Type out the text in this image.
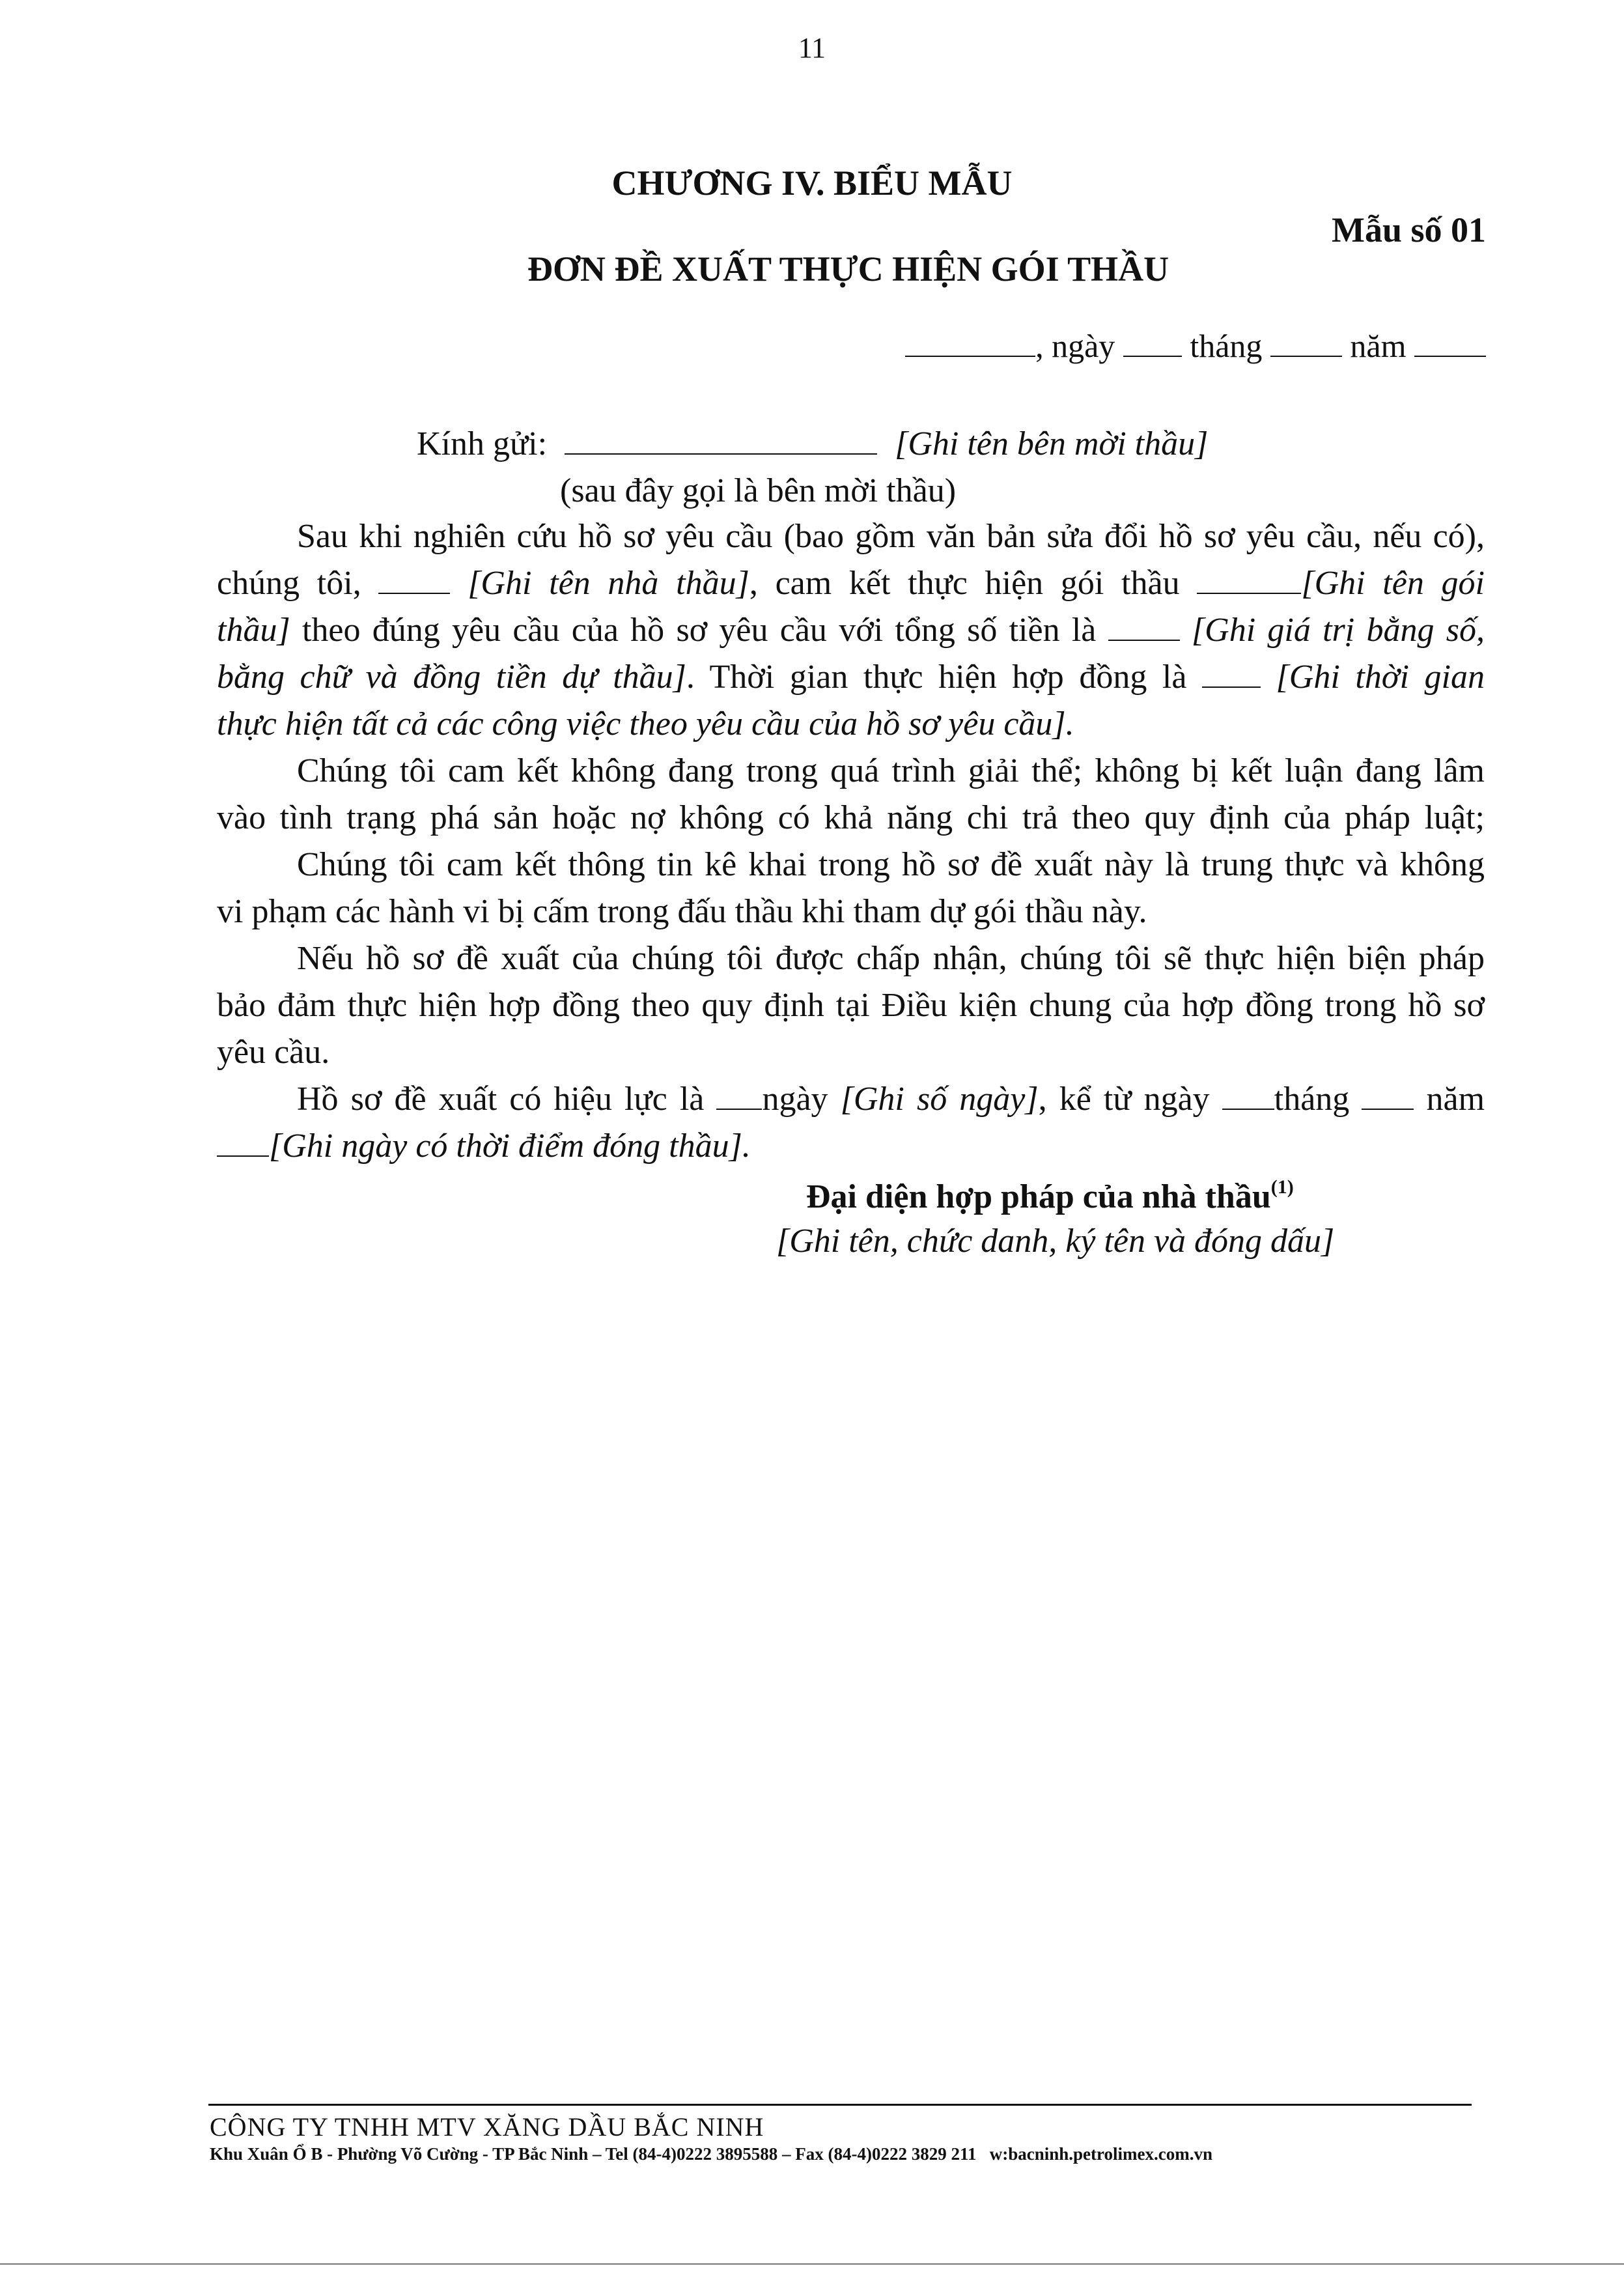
11
CHƯƠNG IV. BIỂU MẪU
Mẫu số 01
ĐƠN ĐỀ XUẤT THỰC HIỆN GÓI THẦU
, ngày tháng	năm
Kính gửi:	[Ghi tên bên mời thầu]
(sau đây gọi là bên mời thầu)
Sau khi nghiên cứu hồ sơ yêu cầu (bao gồm văn bản sửa đổi hồ sơ yêu cầu, nếu có),
chúng tôi,	[Ghi tên nhà thầu], cam kết thực hiện gói thầu	[Ghi tên gói
thầu] theo đúng yêu cầu của hồ sơ yêu cầu với tổng số tiền là	[Ghi giá trị bằng số,
bằng chữ và đồng tiền dự thầu]. Thời gian thực hiện hợp đồng là	[Ghi thời gian
thực hiện tất cả các công việc theo yêu cầu của hồ sơ yêu cầu].
Chúng tôi cam kết không đang trong quá trình giải thể; không bị kết luận đang lâm
vào tình trạng phá sản hoặc nợ không có khả năng chi trả theo quy định của pháp luật;
Chúng tôi cam kết thông tin kê khai trong hồ sơ đề xuất này là trung thực và không
vi phạm các hành vi bị cấm trong đấu thầu khi tham dự gói thầu này.
Nếu hồ sơ đề xuất của chúng tôi được chấp nhận, chúng tôi sẽ thực hiện biện pháp
bảo đảm thực hiện hợp đồng theo quy định tại Điều kiện chung của hợp đồng trong hồ sơ
yêu cầu.
Hồ sơ đề xuất có hiệu lực là ngày [Ghi số ngày], kể từ ngày tháng năm
[Ghi ngày có thời điểm đóng thầu].
Đại diện hợp pháp của nhà thầu$^{(1)}$
[Ghi tên, chức danh, ký tên và đóng dấu]
CÔNG TY TNHH MTV XĂNG DẦU BẮC NINH
Khu Xuân Ổ B - Phường Võ Cường - TP Bắc Ninh – Tel (84-4)0222 3895588 – Fax (84-4)0222 3829 211 w:bacninh.petrolimex.com.vn
